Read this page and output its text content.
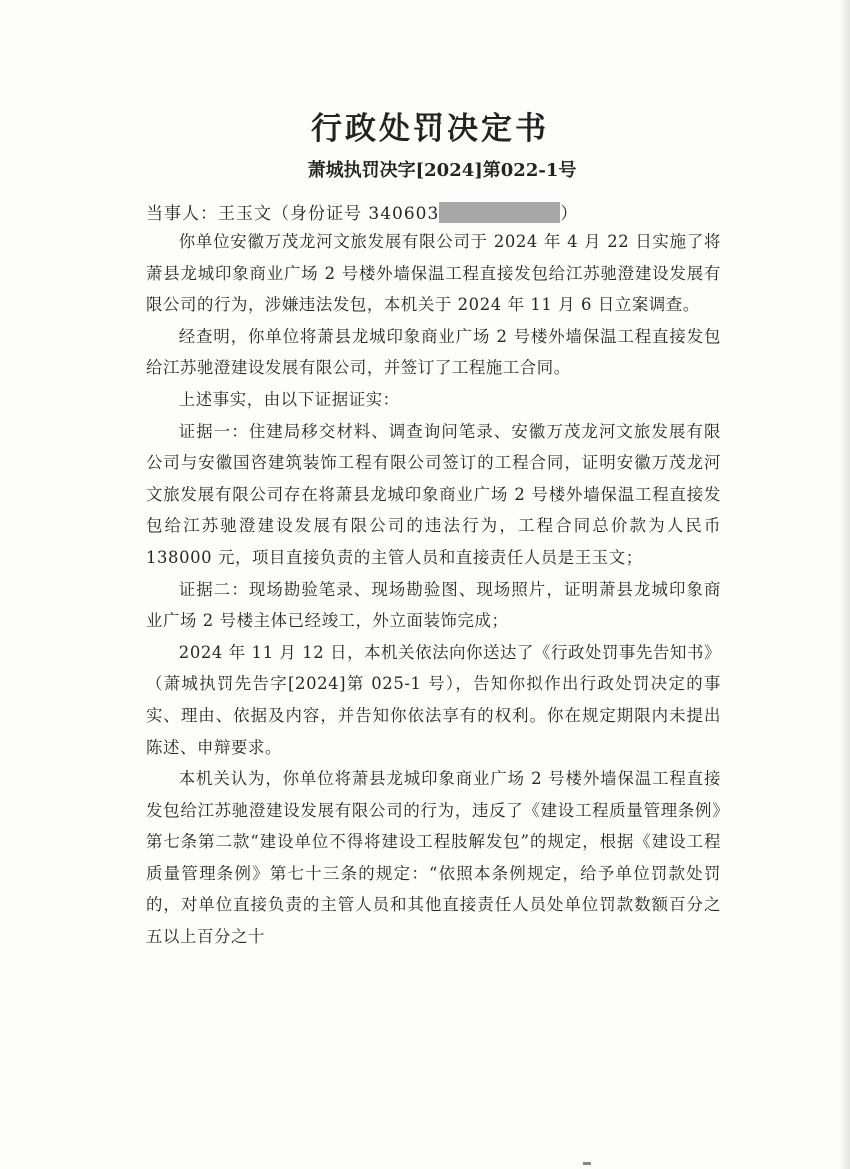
行政处罚决定书
萧城执罚决字[2024]第022-1号
当事人：王玉文（身份证号 340603	）

你单位安徽万茂龙河文旅发展有限公司于 2024 年 4 月 22 日实施了将萧县龙城印象商业广场 2 号楼外墙保温工程直接发包给江苏驰澄建设发展有限公司的行为，涉嫌违法发包，本机关于 2024 年 11 月 6 日立案调查。

经查明，你单位将萧县龙城印象商业广场 2 号楼外墙保温工程直接发包给江苏驰澄建设发展有限公司，并签订了工程施工合同。

上述事实，由以下证据证实：

证据一：住建局移交材料、调查询问笔录、安徽万茂龙河文旅发展有限公司与安徽国咨建筑装饰工程有限公司签订的工程合同，证明安徽万茂龙河文旅发展有限公司存在将萧县龙城印象商业广场 2 号楼外墙保温工程直接发包给江苏驰澄建设发展有限公司的违法行为，工程合同总价款为人民币 138000 元，项目直接负责的主管人员和直接责任人员是王玉文；

证据二：现场勘验笔录、现场勘验图、现场照片，证明萧县龙城印象商业广场 2 号楼主体已经竣工，外立面装饰完成；

2024 年 11 月 12 日，本机关依法向你送达了《行政处罚事先告知书》（萧城执罚先告字[2024]第 025-1 号），告知你拟作出行政处罚决定的事实、理由、依据及内容，并告知你依法享有的权利。你在规定期限内未提出陈述、申辩要求。

本机关认为，你单位将萧县龙城印象商业广场 2 号楼外墙保温工程直接发包给江苏驰澄建设发展有限公司的行为，违反了《建设工程质量管理条例》第七条第二款“建设单位不得将建设工程肢解发包”的规定，根据《建设工程质量管理条例》第七十三条的规定：“依照本条例规定，给予单位罚款处罚的，对单位直接负责的主管人员和其他直接责任人员处单位罚款数额百分之五以上百分之十
